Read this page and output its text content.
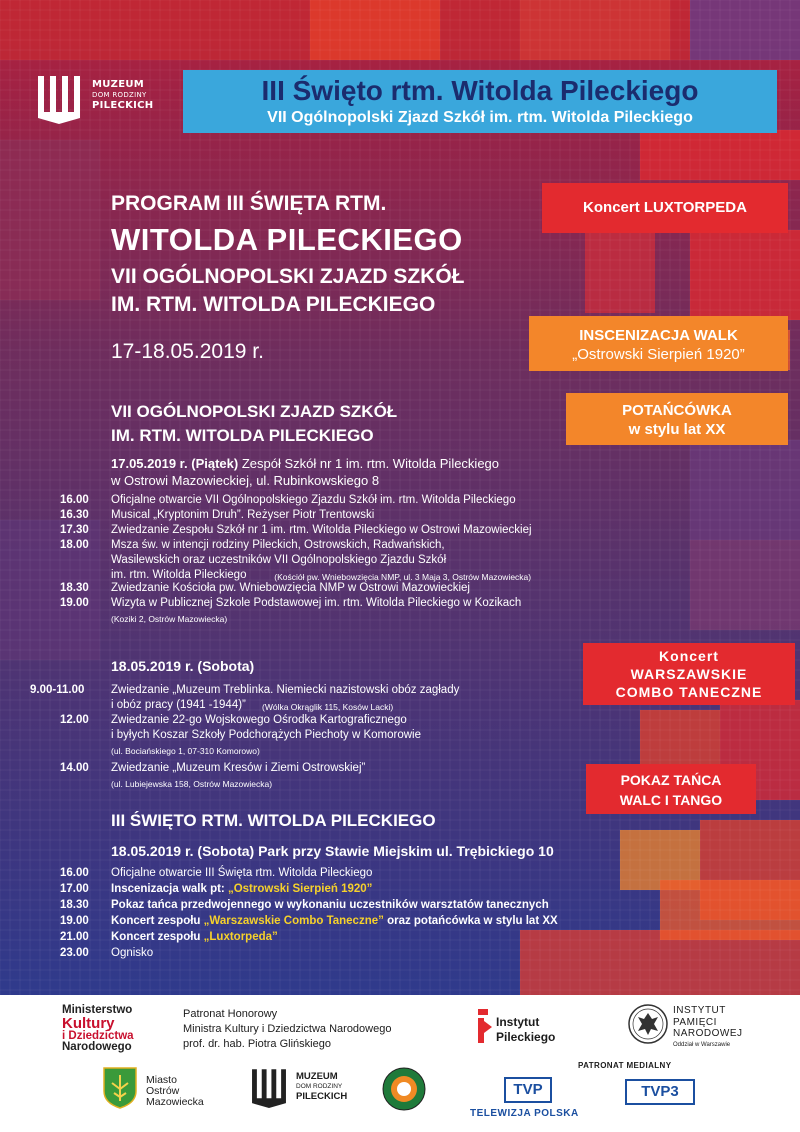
MUZEUM

DOM RODZINY
PILECKICH	III Święto rtm. Witolda Pileckiego
VII Ogólnopolski Zjazd Szkół im. rtm. Witolda Pileckiego
PROGRAM III ŚWIĘTA RTM.
WITOLDA PILECKIEGO
VII OGÓLNOPOLSKI ZJAZD SZKÓŁ
IM. RTM. WITOLDA PILECKIEGO
17-18.05.2019 r.
Koncert LUXTORPEDA
INSCENIZACJA WALK
„Ostrowski Sierpień 1920”
POTAŃCÓWKA
w stylu lat XX
Koncert
WARSZAWSKIE
COMBO TANECZNE
POKAZ TAŃCA
WALC I TANGO
VII OGÓLNOPOLSKI ZJAZD SZKÓŁ
IM. RTM. WITOLDA PILECKIEGO
17.05.2019 r. (Piątek) Zespół Szkół nr 1 im. rtm. Witolda Pileckiego
w Ostrowi Mazowieckiej, ul. Rubinkowskiego 8
16.00 Oficjalne otwarcie VII Ogólnopolskiego Zjazdu Szkół im. rtm. Witolda Pileckiego
16.30 Musical „Kryptonim Druh”. Reżyser Piotr Trentowski
17.30 Zwiedzanie Zespołu Szkół nr 1 im. rtm. Witolda Pileckiego w Ostrowi Mazowieckiej
18.00 Msza św. w intencji rodziny Pileckich, Ostrowskich, Radwańskich,
Wasilewskich oraz uczestników VII Ogólnopolskiego Zjazdu Szkół
im. rtm. Witolda Pileckiego	(Kościół pw. Wniebowzięcia NMP, ul. 3 Maja 3, Ostrów Mazowiecka)
18.30 Zwiedzanie Kościoła pw. Wniebowzięcia NMP w Ostrowi Mazowieckiej
19.00 Wizyta w Publicznej Szkole Podstawowej im. rtm. Witolda Pileckiego w Kozikach
(Koziki 2, Ostrów Mazowiecka)
18.05.2019 r. (Sobota)
9.00-11.00 Zwiedzanie „Muzeum Treblinka. Niemiecki nazistowski obóz zagłady
i obóz pracy (1941 -1944)” (Wólka Okrąglik 115, Kosów Lacki)
12.00 Zwiedzanie 22-go Wojskowego Ośrodka Kartograficznego
i byłych Koszar Szkoły Podchorążych Piechoty w Komorowie
(ul. Bociańskiego 1, 07-310 Komorowo)
14.00 Zwiedzanie „Muzeum Kresów i Ziemi Ostrowskiej”
(ul. Lubiejewska 158, Ostrów Mazowiecka)
III ŚWIĘTO RTM. WITOLDA PILECKIEGO
18.05.2019 r. (Sobota) Park przy Stawie Miejskim ul. Trębickiego 10
16.00 Oficjalne otwarcie III Święta rtm. Witolda Pileckiego
17.00 Inscenizacja walk pt: „Ostrowski Sierpień 1920”
18.30 Pokaz tańca przedwojennego w wykonaniu uczestników warsztatów tanecznych
19.00 Koncert zespołu „Warszawskie Combo Taneczne” oraz potańcówka w stylu lat XX
21.00 Koncert zespołu „Luxtorpeda”
23.00 Ognisko
Ministerstwo
Kultury
i Dziedzictwa
Narodowego
Patronat Honorowy
Ministra Kultury i Dziedzictwa Narodowego
prof. dr. hab. Piotra Glińskiego
Instytut
Pileckiego
INSTYTUT
PAMIĘCI
NARODOWEJ
Oddział w Warszawie
Miasto
Ostrów
Mazowiecka
MUZEUM
DOM RODZINY
PILECKICH
PATRONAT MEDIALNY
TVP
TELEWIZJA POLSKA
TVP3
